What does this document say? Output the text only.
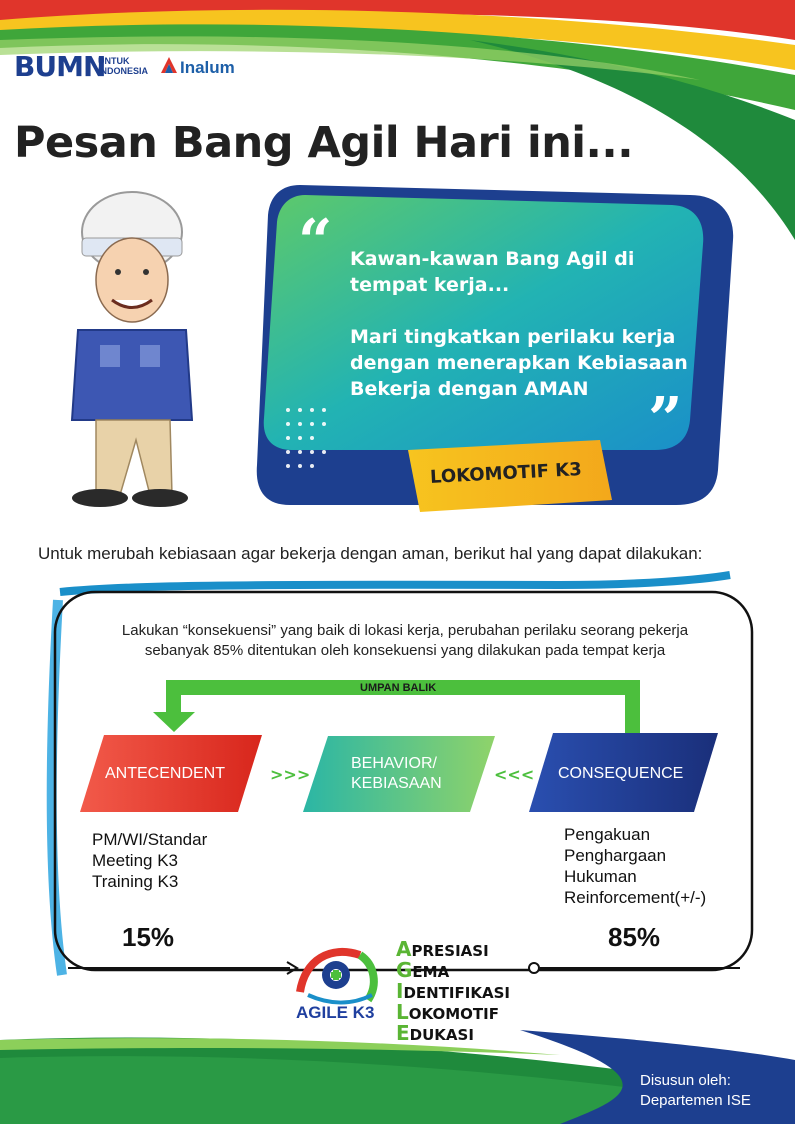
>>>	<<<
BUMN
UNTUK INDONESIA	Inalum
Pesan Bang Agil Hari ini...
“ Kawan-kawan Bang Agil di tempat kerja...

Mari tingkatkan perilaku kerja dengan menerapkan Kebiasaan Bekerja dengan AMAN ”
LOKOMOTIF K3
Untuk merubah kebiasaan agar bekerja dengan aman, berikut hal yang dapat dilakukan:
Lakukan “konsekuensi” yang baik di lokasi kerja, perubahan perilaku seorang pekerja
sebanyak 85% ditentukan oleh konsekuensi yang dilakukan pada tempat kerja
UMPAN BALIK
ANTECENDENT
BEHAVIOR/
KEBIASAAN
CONSEQUENCE
PM/WI/Standar
Meeting K3
Training K3
Pengakuan
Penghargaan
Hukuman
Reinforcement(+/-)
15%	85%
AGILE K3
APRESIASI
GEMA
IDENTIFIKASI
LOKOMOTIF
EDUKASI
Disusun oleh:
Departemen ISE
